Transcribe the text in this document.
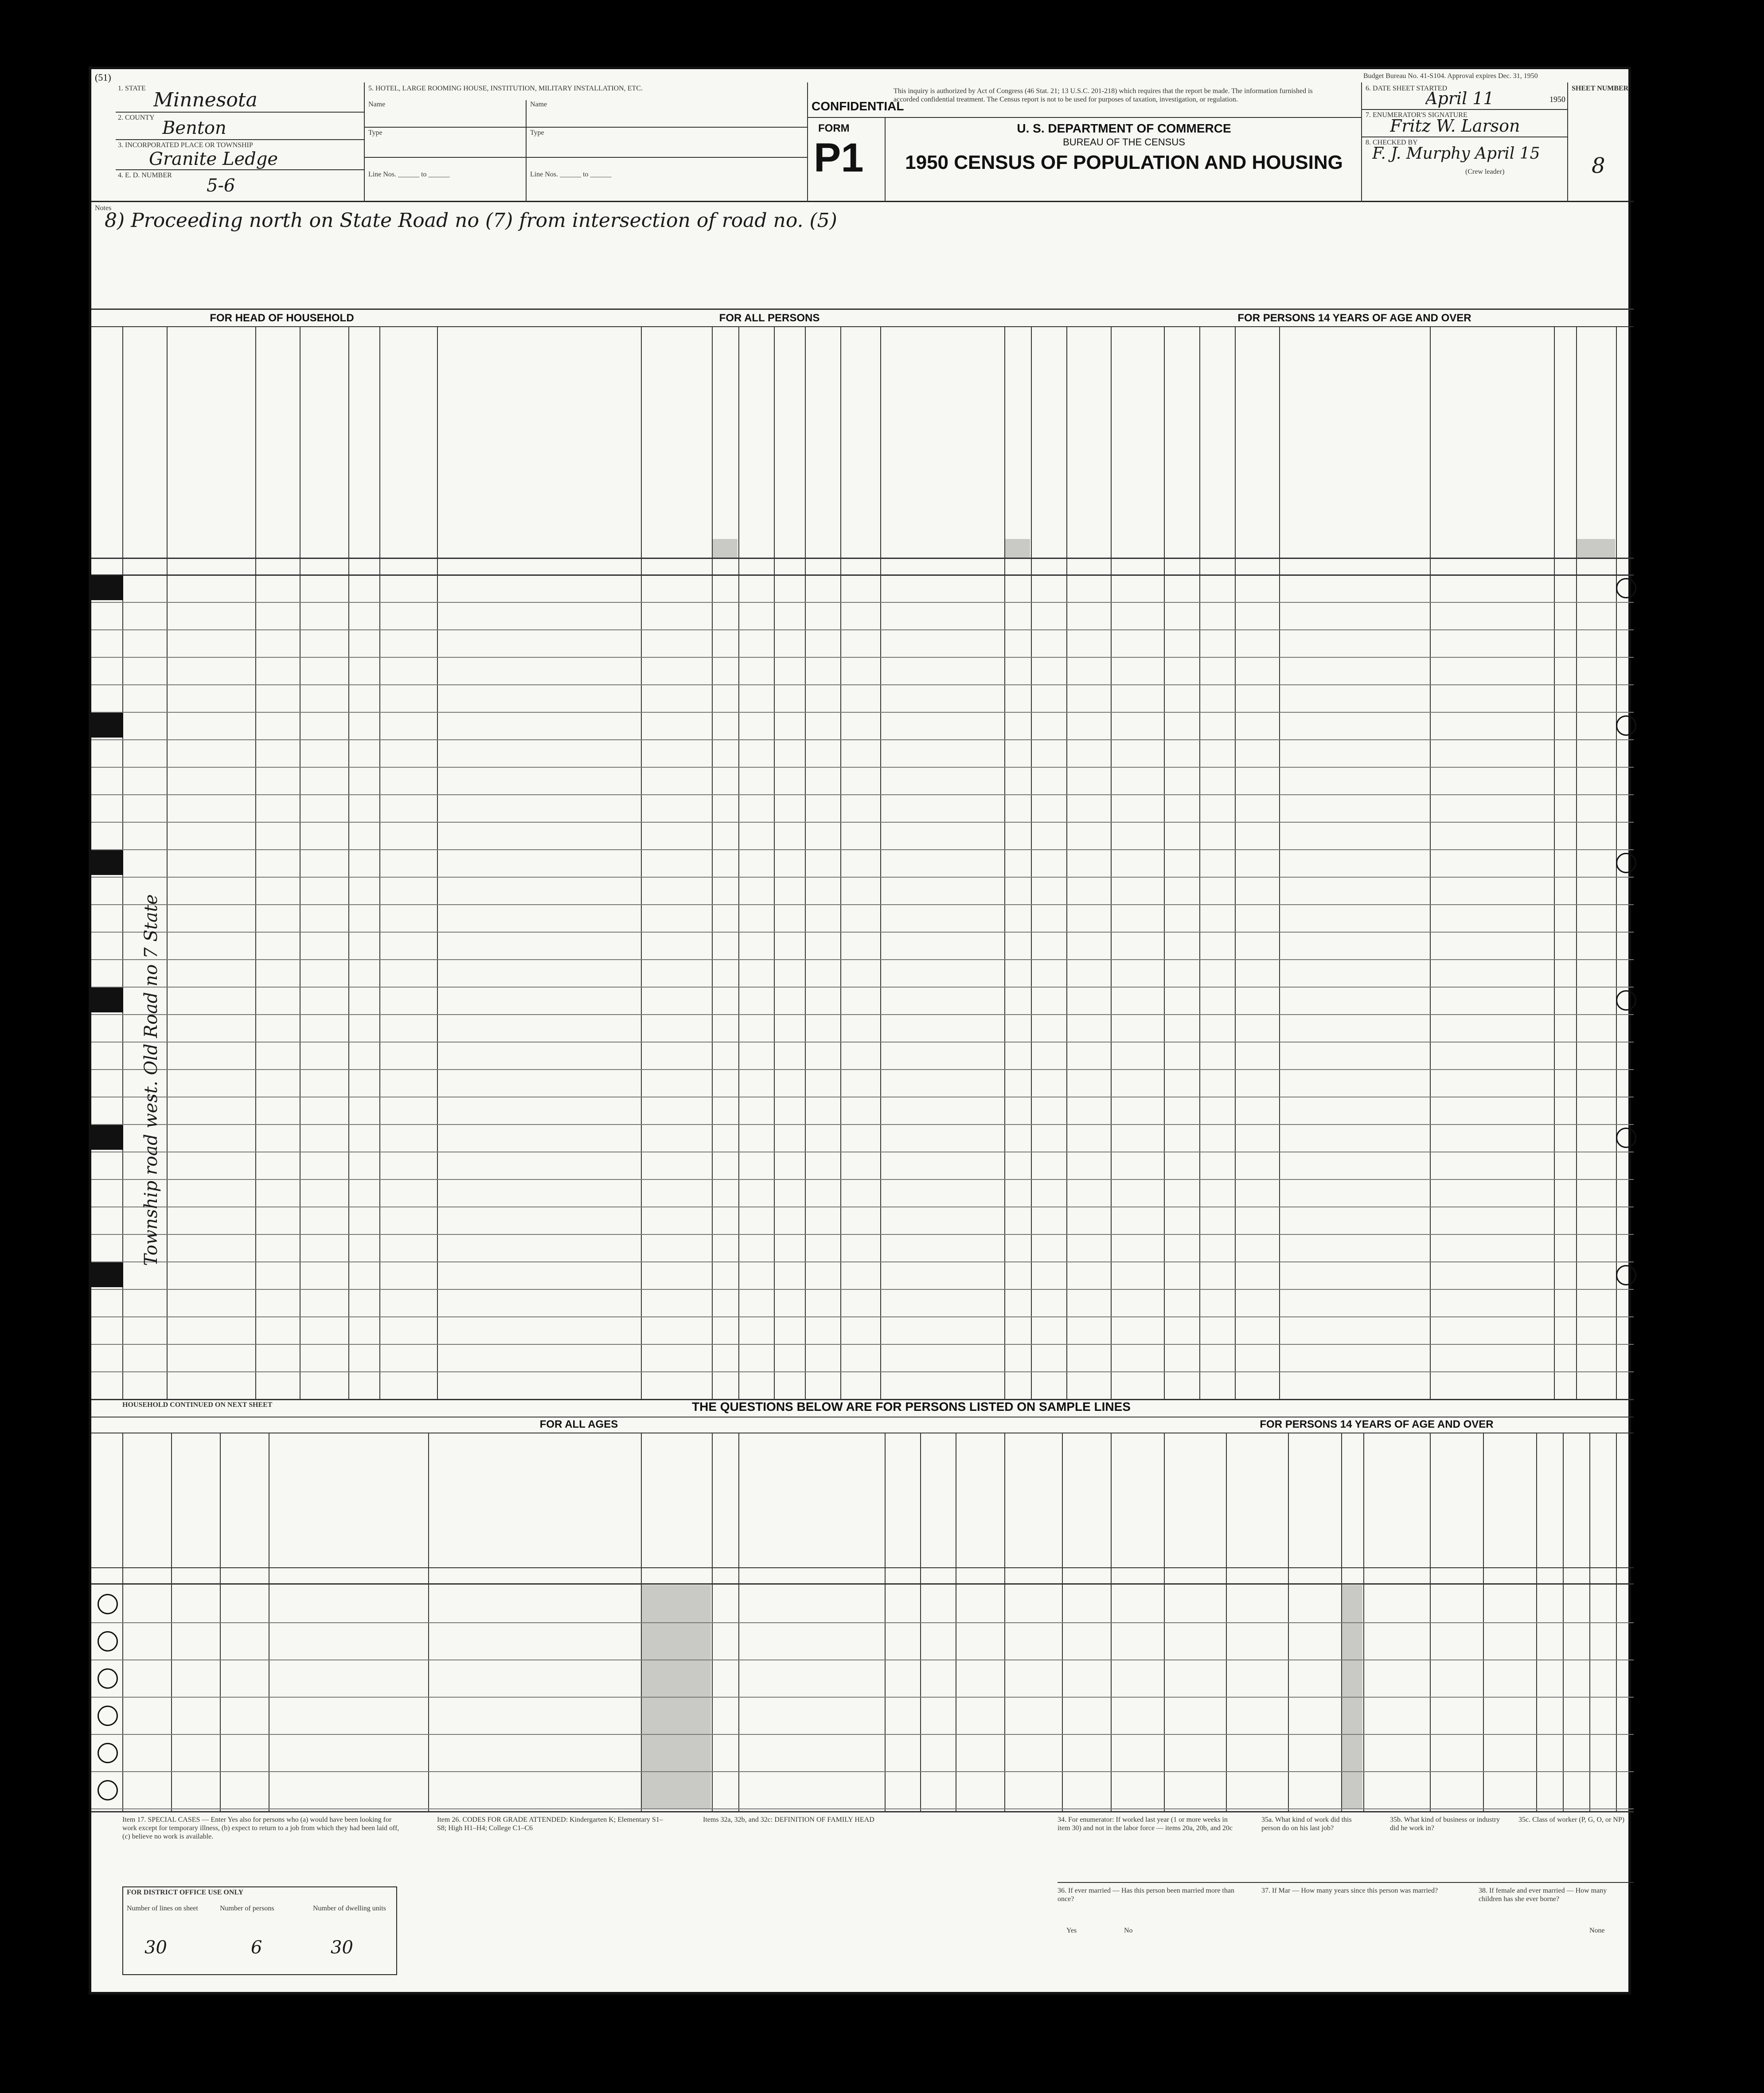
(51)
1. STATE
Minnesota
2. COUNTY
Benton
3. INCORPORATED PLACE OR TOWNSHIP
Granite Ledge
4. E. D. NUMBER
5-6
5. HOTEL, LARGE ROOMING HOUSE, INSTITUTION, MILITARY INSTALLATION, ETC.
Name	Name
Type	Type
Line Nos. ______ to ______	Line Nos. ______ to ______
CONFIDENTIAL
This inquiry is authorized by Act of Congress (46 Stat. 21; 13 U.S.C. 201-218) which requires that the report be made. The information furnished is accorded confidential treatment. The Census report is not to be used for purposes of taxation, investigation, or regulation.
FORM
P1
U. S. DEPARTMENT OF COMMERCE
BUREAU OF THE CENSUS
1950 CENSUS OF POPULATION AND HOUSING
6. DATE SHEET STARTED
April 11	1950
7. ENUMERATOR'S SIGNATURE
Fritz W. Larson
8. CHECKED BY
F. J. Murphy April 15
(Crew leader)
SHEET NUMBER
8
Budget Bureau No. 41-S104. Approval expires Dec. 31, 1950
Notes
8) Proceeding north on State Road no (7) from intersection of road no. (5)
FOR HEAD OF HOUSEHOLD	FOR ALL PERSONS	FOR PERSONS 14 YEARS OF AGE AND OVER
Township road west. Old Road no 7 State
HOUSEHOLD CONTINUED ON NEXT SHEET	THE QUESTIONS BELOW ARE FOR PERSONS LISTED ON SAMPLE LINES
FOR ALL AGES	FOR PERSONS 14 YEARS OF AGE AND OVER
Item 17. SPECIAL CASES — Enter Yes also for persons who (a) would have been looking for work except for temporary illness, (b) expect to return to a job from which they had been laid off, (c) believe no work is available.
Item 26. CODES FOR GRADE ATTENDED: Kindergarten K; Elementary S1–S8; High H1–H4; College C1–C6
Items 32a, 32b, and 32c: DEFINITION OF FAMILY HEAD	34. For enumerator: If worked last year (1 or more weeks in item 30) and not in the labor force — items 20a, 20b, and 20c
35a. What kind of work did this person do on his last job?
35b. What kind of business or industry did he work in?
35c. Class of worker (P, G, O, or NP)
36. If ever married — Has this person been married more than once?
37. If Mar — How many years since this person was married?	38. If female and ever married — How many children has she ever borne?
Yes	No	None
FOR DISTRICT OFFICE USE ONLY
Number of lines on sheet	Number of persons	Number of dwelling units
30	6	30
